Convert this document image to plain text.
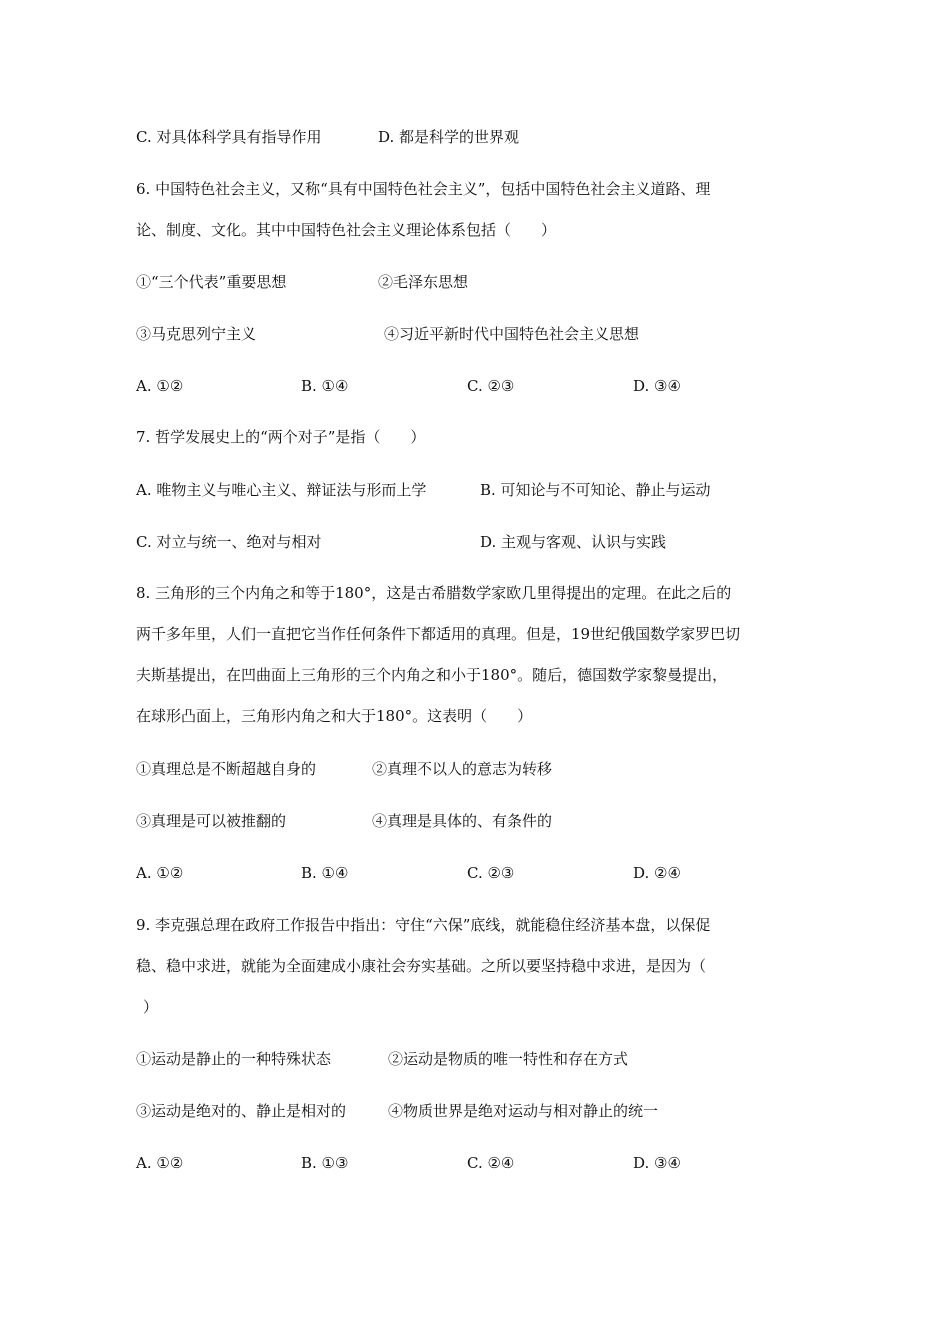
C. 对具体科学具有指导作用	D. 都是科学的世界观
6. 中国特色社会主义，又称“具有中国特色社会主义”，包括中国特色社会主义道路、理
论、制度、文化。其中中国特色社会主义理论体系包括（　　）
①“三个代表”重要思想	②毛泽东思想
③马克思列宁主义	④习近平新时代中国特色社会主义思想
A. ①②	B. ①④	C. ②③	D. ③④
7. 哲学发展史上的“两个对子”是指（　　）
A. 唯物主义与唯心主义、辩证法与形而上学	B. 可知论与不可知论、静止与运动
C. 对立与统一、绝对与相对	D. 主观与客观、认识与实践
8. 三角形的三个内角之和等于180°，这是古希腊数学家欧几里得提出的定理。在此之后的
两千多年里，人们一直把它当作任何条件下都适用的真理。但是，19世纪俄国数学家罗巴切
夫斯基提出，在凹曲面上三角形的三个内角之和小于180°。随后，德国数学家黎曼提出，
在球形凸面上，三角形内角之和大于180°。这表明（　　）
①真理总是不断超越自身的	②真理不以人的意志为转移
③真理是可以被推翻的	④真理是具体的、有条件的
A. ①②	B. ①④	C. ②③	D. ②④
9. 李克强总理在政府工作报告中指出：守住“六保”底线，就能稳住经济基本盘，以保促
稳、稳中求进，就能为全面建成小康社会夯实基础。之所以要坚持稳中求进，是因为（
）
①运动是静止的一种特殊状态	②运动是物质的唯一特性和存在方式
③运动是绝对的、静止是相对的	④物质世界是绝对运动与相对静止的统一
A. ①②	B. ①③	C. ②④	D. ③④
